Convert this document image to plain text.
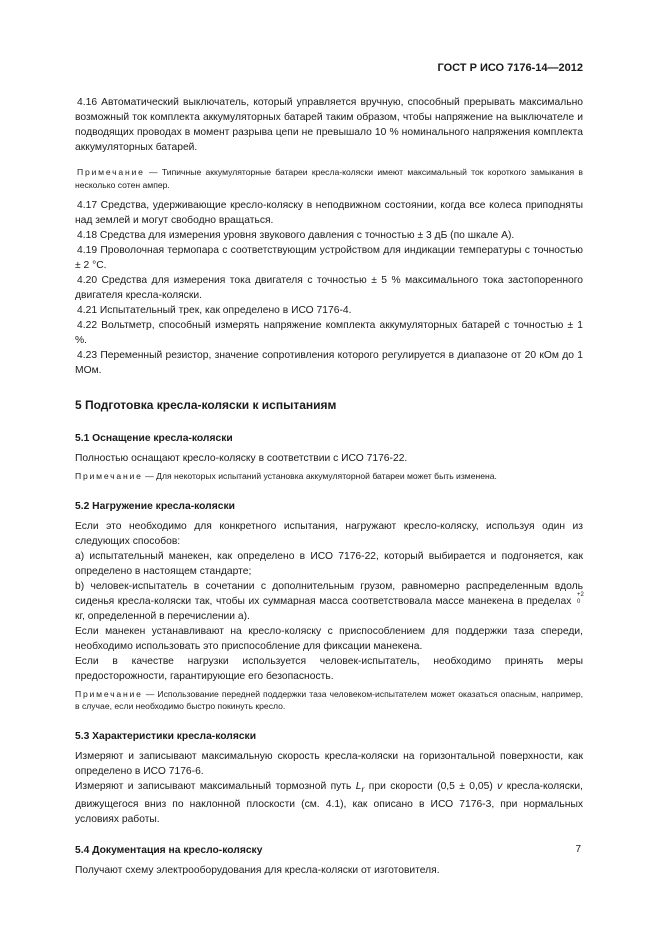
ГОСТ Р ИСО 7176-14—2012

4.16 Автоматический выключатель, который управляется вручную, способный прерывать максимально возможный ток комплекта аккумуляторных батарей таким образом, чтобы напряжение на выключателе и подводящих проводах в момент разрыва цепи не превышало 10 % номинального напряжения комплекта аккумуляторных батарей.

Примечание — Типичные аккумуляторные батареи кресла-коляски имеют максимальный ток короткого замыкания в несколько сотен ампер.

4.17 Средства, удерживающие кресло-коляску в неподвижном состоянии, когда все колеса приподняты над землей и могут свободно вращаться.

4.18 Средства для измерения уровня звукового давления с точностью ± 3 дБ (по шкале A).

4.19 Проволочная термопара с соответствующим устройством для индикации температуры с точностью ± 2 °С.

4.20 Средства для измерения тока двигателя с точностью ± 5 % максимального тока застопоренного двигателя кресла-коляски.

4.21 Испытательный трек, как определено в ИСО 7176-4.

4.22 Вольтметр, способный измерять напряжение комплекта аккумуляторных батарей с точностью ± 1 %.

4.23 Переменный резистор, значение сопротивления которого регулируется в диапазоне от 20 кОм до 1 МОм.

5 Подготовка кресла-коляски к испытаниям
5.1 Оснащение кресла-коляски

Полностью оснащают кресло-коляску в соответствии с ИСО 7176-22.

Примечание — Для некоторых испытаний установка аккумуляторной батареи может быть изменена.

5.2 Нагружение кресла-коляски

Если это необходимо для конкретного испытания, нагружают кресло-коляску, используя один из следующих способов:

а) испытательный манекен, как определено в ИСО 7176-22, который выбирается и подгоняется, как определено в настоящем стандарте;

b) человек-испытатель в сочетании с дополнительным грузом, равномерно распределенным вдоль сиденья кресла-коляски так, чтобы их суммарная масса соответствовала массе манекена в пределах
+2
0
кг, определенной в перечислении а).

Если манекен устанавливают на кресло-коляску с приспособлением для поддержки таза спереди, необходимо использовать это приспособление для фиксации манекена.

Если в качестве нагрузки используется человек-испытатель, необходимо принять меры предосторожности, гарантирующие его безопасность.

Примечание — Использование передней поддержки таза человеком-испытателем может оказаться опасным, например, в случае, если необходимо быстро покинуть кресло.

5.3 Характеристики кресла-коляски

Измеряют и записывают максимальную скорость кресла-коляски на горизонтальной поверхности, как определено в ИСО 7176-6.

Измеряют и записывают максимальный тормозной путь $L_r$ при скорости (0,5 ± 0,05) v кресла-коляски, движущегося вниз по наклонной плоскости (см. 4.1), как описано в ИСО 7176-3, при нормальных условиях работы.

5.4 Документация на кресло-коляску

Получают схему электрооборудования для кресла-коляски от изготовителя.

7
